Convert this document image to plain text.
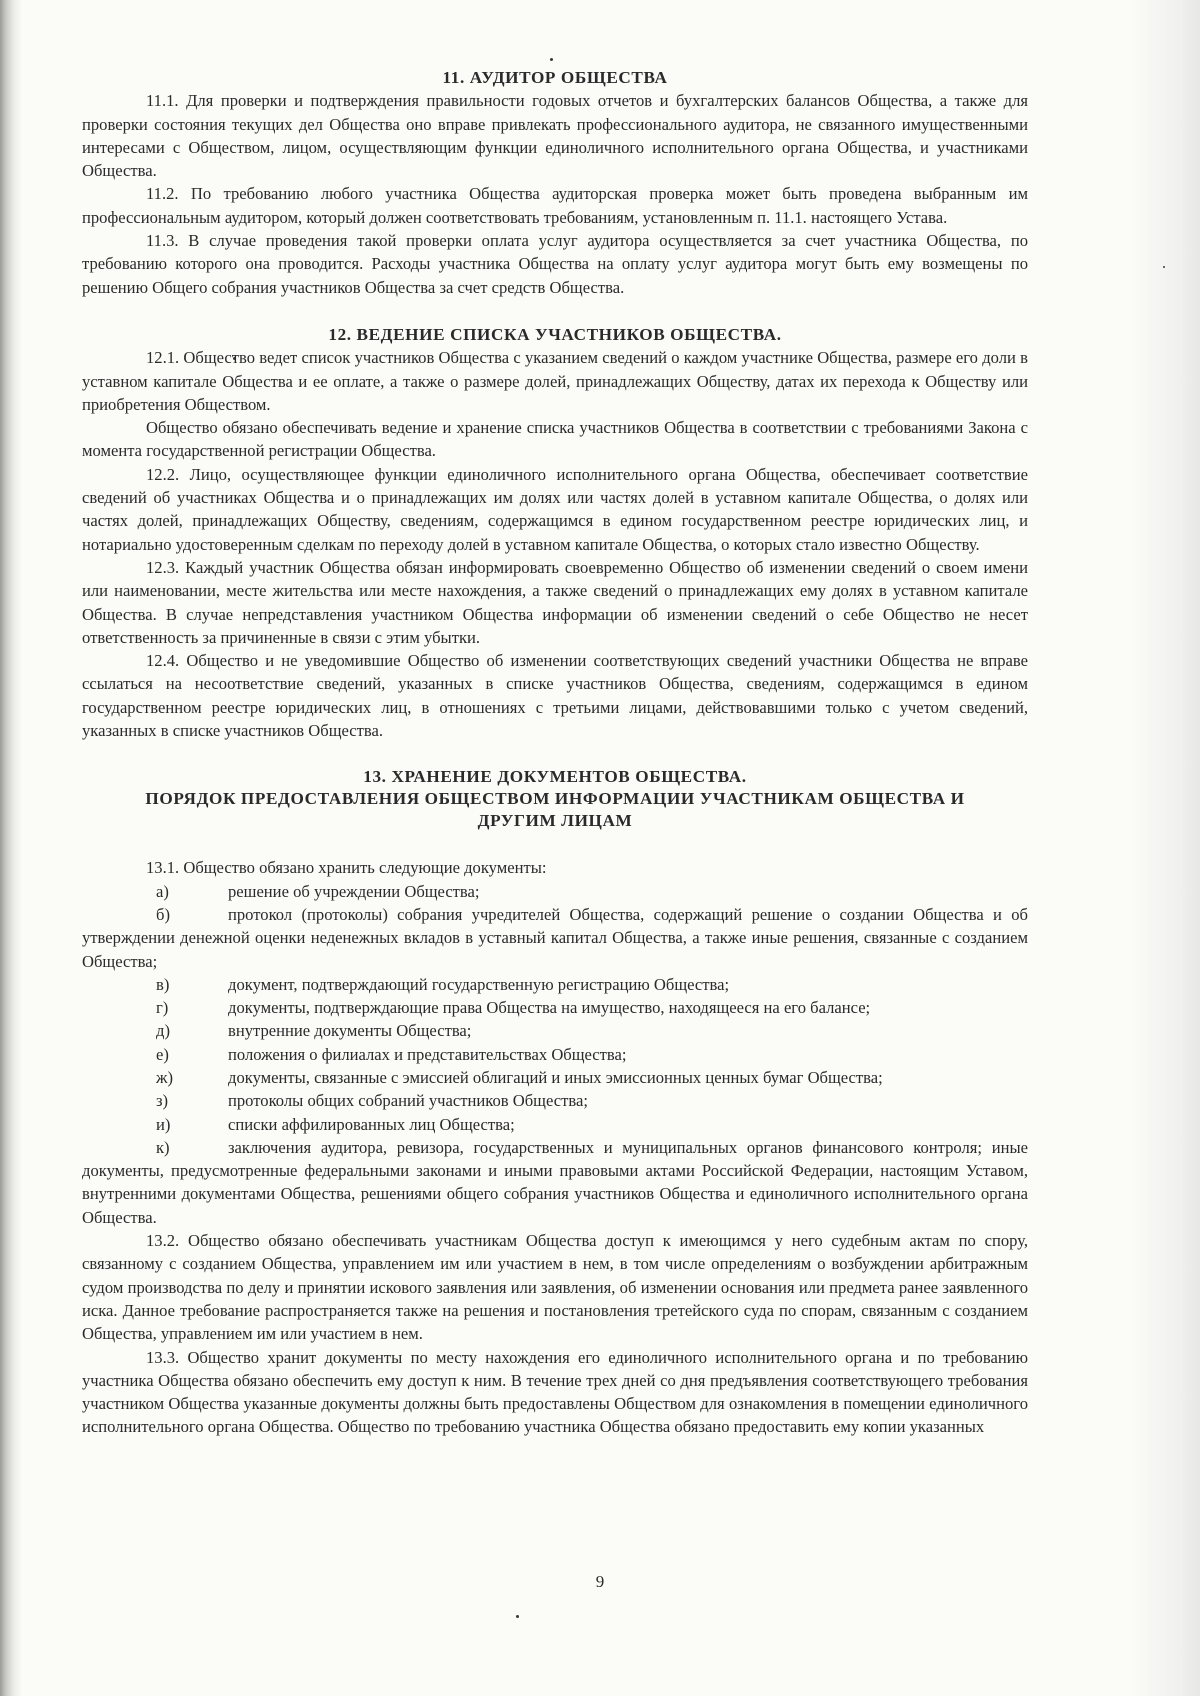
11. АУДИТОР ОБЩЕСТВА

11.1. Для проверки и подтверждения правильности годовых отчетов и бухгалтерских балансов Общества, а также для проверки состояния текущих дел Общества оно вправе привлекать профессионального аудитора, не связанного имущественными интересами с Обществом, лицом, осуществляющим функции единоличного исполнительного органа Общества, и участниками Общества.

11.2. По требованию любого участника Общества аудиторская проверка может быть проведена выбранным им профессиональным аудитором, который должен соответствовать требованиям, установленным п. 11.1. настоящего Устава.

11.3. В случае проведения такой проверки оплата услуг аудитора осуществляется за счет участника Общества, по требованию которого она проводится. Расходы участника Общества на оплату услуг аудитора могут быть ему возмещены по решению Общего собрания участников Общества за счет средств Общества.

12. ВЕДЕНИЕ СПИСКА УЧАСТНИКОВ ОБЩЕСТВА.

12.1. Общество ведет список участников Общества с указанием сведений о каждом участнике Общества, размере его доли в уставном капитале Общества и ее оплате, а также о размере долей, принадлежащих Обществу, датах их перехода к Обществу или приобретения Обществом.

Общество обязано обеспечивать ведение и хранение списка участников Общества в соответствии с требованиями Закона с момента государственной регистрации Общества.

12.2. Лицо, осуществляющее функции единоличного исполнительного органа Общества, обеспечивает соответствие сведений об участниках Общества и о принадлежащих им долях или частях долей в уставном капитале Общества, о долях или частях долей, принадлежащих Обществу, сведениям, содержащимся в едином государственном реестре юридических лиц, и нотариально удостоверенным сделкам по переходу долей в уставном капитале Общества, о которых стало известно Обществу.

12.3. Каждый участник Общества обязан информировать своевременно Общество об изменении сведений о своем имени или наименовании, месте жительства или месте нахождения, а также сведений о принадлежащих ему долях в уставном капитале Общества. В случае непредставления участником Общества информации об изменении сведений о себе Общество не несет ответственность за причиненные в связи с этим убытки.

12.4. Общество и не уведомившие Общество об изменении соответствующих сведений участники Общества не вправе ссылаться на несоответствие сведений, указанных в списке участников Общества, сведениям, содержащимся в едином государственном реестре юридических лиц, в отношениях с третьими лицами, действовавшими только с учетом сведений, указанных в списке участников Общества.

13. ХРАНЕНИЕ ДОКУМЕНТОВ ОБЩЕСТВА.
ПОРЯДОК ПРЕДОСТАВЛЕНИЯ ОБЩЕСТВОМ ИНФОРМАЦИИ УЧАСТНИКАМ ОБЩЕСТВА И
ДРУГИМ ЛИЦАМ

13.1. Общество обязано хранить следующие документы:

а)	решение об учреждении Общества;

б)	протокол (протоколы) собрания учредителей Общества, содержащий решение о создании Общества и об утверждении денежной оценки неденежных вкладов в уставный капитал Общества, а также иные решения, связанные с созданием Общества;

в)	документ, подтверждающий государственную регистрацию Общества;

г)	документы, подтверждающие права Общества на имущество, находящееся на его балансе;

д)	внутренние документы Общества;

е)	положения о филиалах и представительствах Общества;

ж)	документы, связанные с эмиссией облигаций и иных эмиссионных ценных бумаг Общества;

з)	протоколы общих собраний участников Общества;

и)	списки аффилированных лиц Общества;

к)	заключения аудитора, ревизора, государственных и муниципальных органов финансового контроля; иные документы, предусмотренные федеральными законами и иными правовыми актами Российской Федерации, настоящим Уставом, внутренними документами Общества, решениями общего собрания участников Общества и единоличного исполнительного органа Общества.

13.2. Общество обязано обеспечивать участникам Общества доступ к имеющимся у него судебным актам по спору, связанному с созданием Общества, управлением им или участием в нем, в том числе определениям о возбуждении арбитражным судом производства по делу и принятии искового заявления или заявления, об изменении основания или предмета ранее заявленного иска. Данное требование распространяется также на решения и постановления третейского суда по спорам, связанным с созданием Общества, управлением им или участием в нем.

13.3. Общество хранит документы по месту нахождения его единоличного исполнительного органа и по требованию участника Общества обязано обеспечить ему доступ к ним. В течение трех дней со дня предъявления соответствующего требования участником Общества указанные документы должны быть предоставлены Обществом для ознакомления в помещении единоличного исполнительного органа Общества. Общество по требованию участника Общества обязано предоставить ему копии указанных

9
